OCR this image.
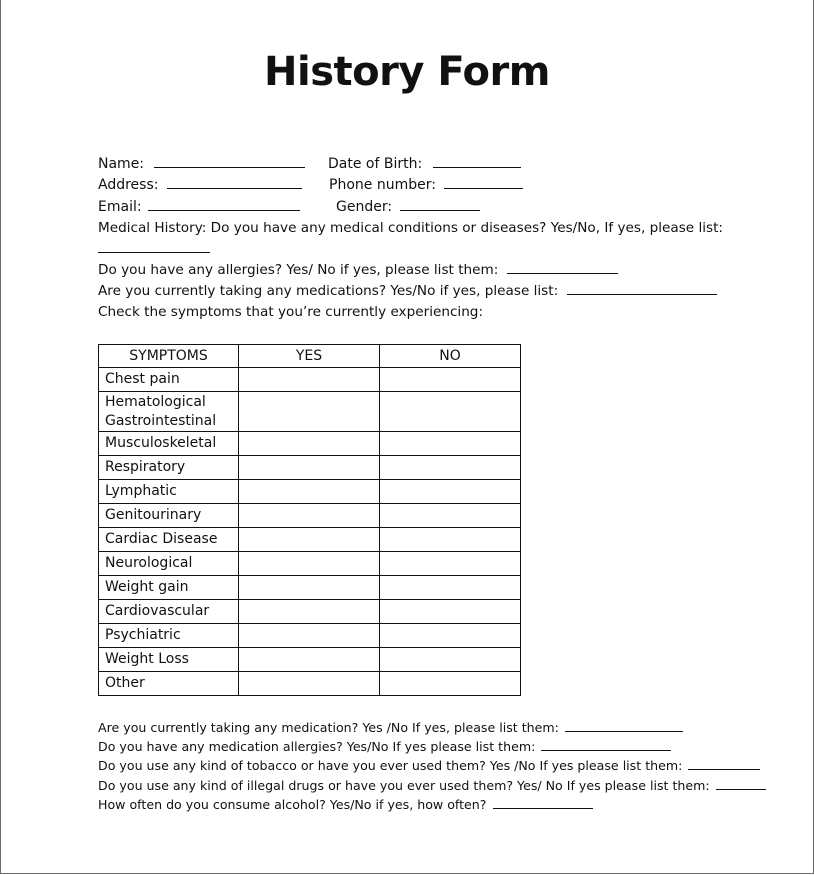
History Form
Name:	Date of Birth:
Address:	Phone number:
Email:	Gender:
Medical History: Do you have any medical conditions or diseases? Yes/No, If yes, please list:
Do you have any allergies? Yes/ No if yes, please list them:
Are you currently taking any medications? Yes/No if yes, please list:
Check the symptoms that you’re currently experiencing:
SYMPTOMS	YES	NO
Chest pain		
Hematological Gastrointestinal		
Musculoskeletal		
Respiratory		
Lymphatic		
Genitourinary		
Cardiac Disease		
Neurological		
Weight gain		
Cardiovascular		
Psychiatric		
Weight Loss		
Other		
Are you currently taking any medication? Yes /No If yes, please list them:
Do you have any medication allergies? Yes/No If yes please list them:
Do you use any kind of tobacco or have you ever used them? Yes /No If yes please list them:
Do you use any kind of illegal drugs or have you ever used them? Yes/ No If yes please list them:
How often do you consume alcohol? Yes/No if yes, how often?
